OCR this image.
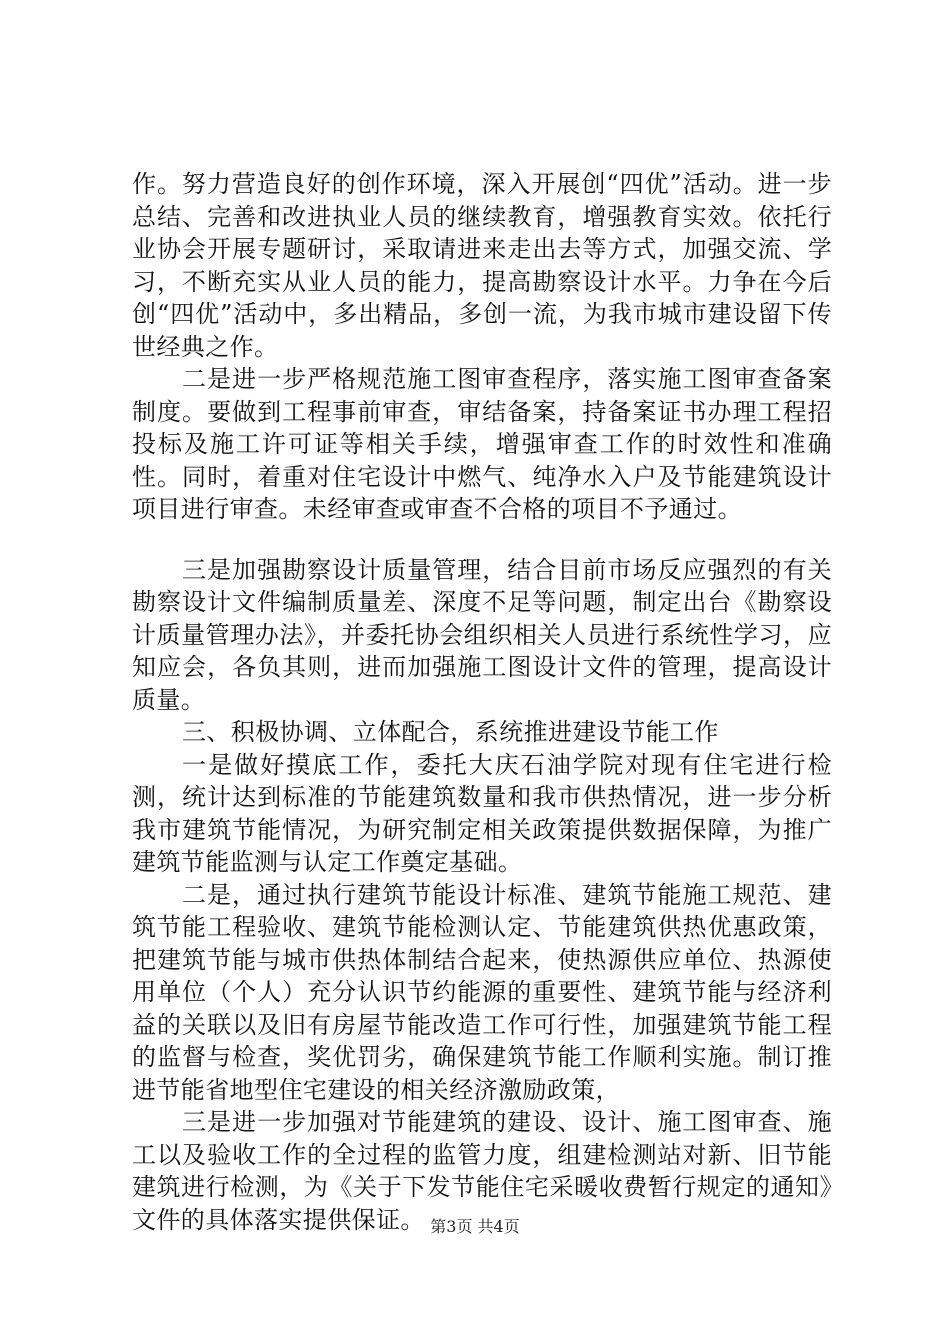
作。努力营造良好的创作环境，深入开展创“四优”活动。进一步总结、完善和改进执业人员的继续教育，增强教育实效。依托行业协会开展专题研讨，采取请进来走出去等方式，加强交流、学习，不断充实从业人员的能力，提高勘察设计水平。力争在今后创“四优”活动中，多出精品，多创一流，为我市城市建设留下传世经典之作。

二是进一步严格规范施工图审查程序，落实施工图审查备案制度。要做到工程事前审查，审结备案，持备案证书办理工程招投标及施工许可证等相关手续，增强审查工作的时效性和准确性。同时，着重对住宅设计中燃气、纯净水入户及节能建筑设计项目进行审查。未经审查或审查不合格的项目不予通过。

三是加强勘察设计质量管理，结合目前市场反应强烈的有关勘察设计文件编制质量差、深度不足等问题，制定出台《勘察设计质量管理办法》，并委托协会组织相关人员进行系统性学习，应知应会，各负其则，进而加强施工图设计文件的管理，提高设计质量。

三、积极协调、立体配合，系统推进建设节能工作

一是做好摸底工作，委托大庆石油学院对现有住宅进行检测，统计达到标准的节能建筑数量和我市供热情况，进一步分析我市建筑节能情况，为研究制定相关政策提供数据保障，为推广建筑节能监测与认定工作奠定基础。

二是，通过执行建筑节能设计标准、建筑节能施工规范、建筑节能工程验收、建筑节能检测认定、节能建筑供热优惠政策，把建筑节能与城市供热体制结合起来，使热源供应单位、热源使用单位（个人）充分认识节约能源的重要性、建筑节能与经济利益的关联以及旧有房屋节能改造工作可行性，加强建筑节能工程的监督与检查，奖优罚劣，确保建筑节能工作顺利实施。制订推进节能省地型住宅建设的相关经济激励政策，

三是进一步加强对节能建筑的建设、设计、施工图审查、施工以及验收工作的全过程的监管力度，组建检测站对新、旧节能建筑进行检测，为《关于下发节能住宅采暖收费暂行规定的通知》文件的具体落实提供保证。 第3页 共4页
